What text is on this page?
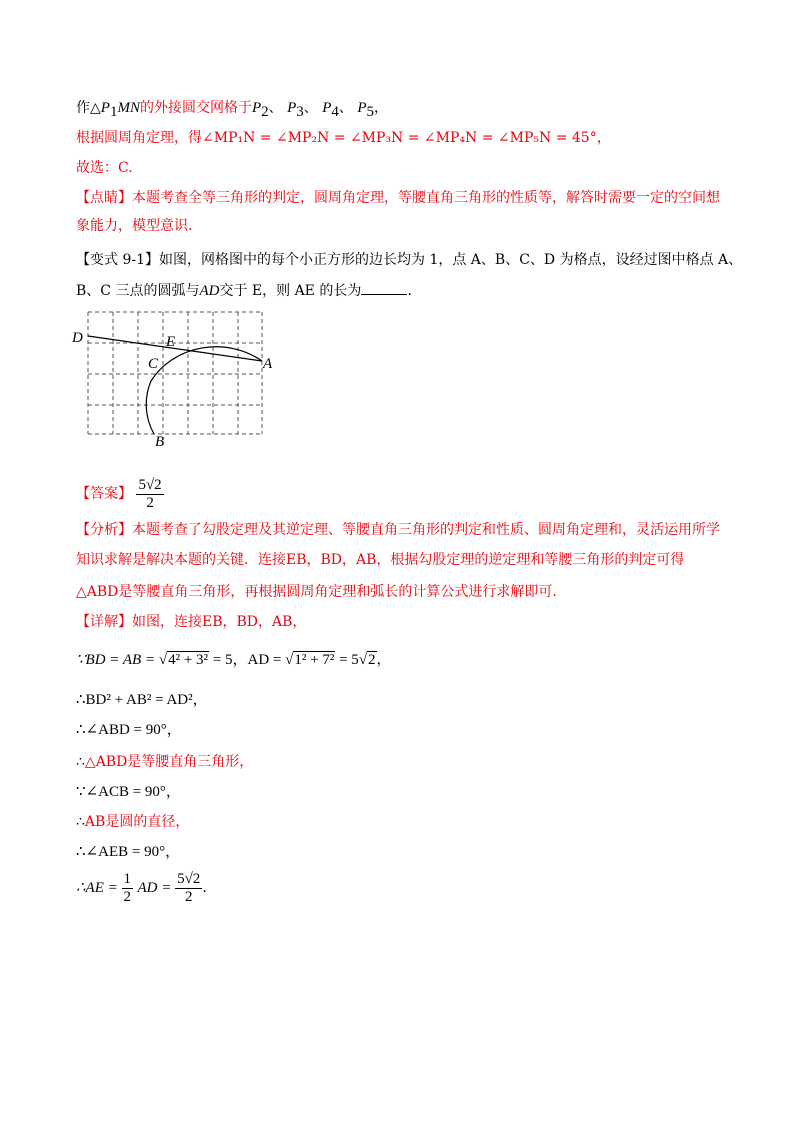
作$\triangle P_1MN$的外接圆交网格于$P_2$、 $P_3$、 $P_4$、 $P_5$，
根据圆周角定理，得∠MP₁N = ∠MP₂N = ∠MP₃N = ∠MP₄N = ∠MP₅N = 45°，
故选：C.
【点睛】本题考查全等三角形的判定，圆周角定理，等腰直角三角形的性质等，解答时需要一定的空间想
象能力，模型意识.
【变式 9-1】如图，网格图中的每个小正方形的边长均为 1，点 A、B、C、D 为格点，设经过图中格点 A、
B、C 三点的圆弧与AD交于 E，则 AE 的长为	.
D	E
C	A
B
【答案】 $\frac{5√2}{2}$
【分析】本题考查了勾股定理及其逆定理、等腰直角三角形的判定和性质、圆周角定理和，灵活运用所学
知识求解是解决本题的关键．连接EB，BD，AB，根据勾股定理的逆定理和等腰三角形的判定可得
△ABD是等腰直角三角形，再根据圆周角定理和弧长的计算公式进行求解即可.
【详解】如图，连接EB，BD，AB，
∵BD = AB = √4² + 3² = 5，AD = √1² + 7² = 5√2，
∴BD² + AB² = AD²，
∴∠ABD = 90°，
∴△ABD是等腰直角三角形，
∵∠ACB = 90°，
∴AB是圆的直径，
∴∠AEB = 90°，
∴AE = $\frac{1}{2}$ AD = $\frac{5√2}{2}$ .
